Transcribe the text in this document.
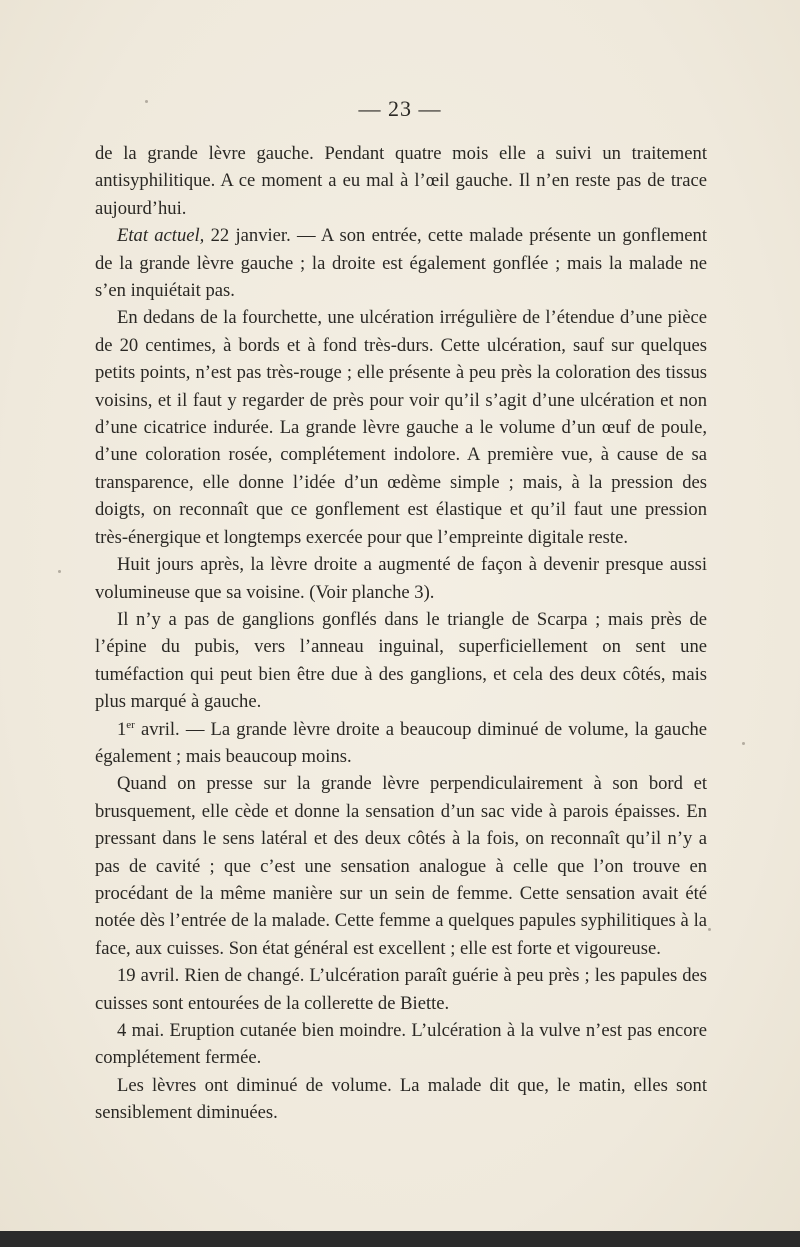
— 23 —

de la grande lèvre gauche. Pendant quatre mois elle a suivi un traitement antisyphilitique. A ce moment a eu mal à l’œil gauche. Il n’en reste pas de trace aujourd’hui.

Etat actuel, 22 janvier. — A son entrée, cette malade présente un gonflement de la grande lèvre gauche ; la droite est également gonflée ; mais la malade ne s’en inquiétait pas.

En dedans de la fourchette, une ulcération irrégulière de l’étendue d’une pièce de 20 centimes, à bords et à fond très-durs. Cette ulcération, sauf sur quelques petits points, n’est pas très-rouge ; elle présente à peu près la coloration des tissus voisins, et il faut y regarder de près pour voir qu’il s’agit d’une ulcération et non d’une cicatrice indurée. La grande lèvre gauche a le volume d’un œuf de poule, d’une coloration rosée, complétement indolore. A première vue, à cause de sa transparence, elle donne l’idée d’un œdème simple ; mais, à la pression des doigts, on reconnaît que ce gonflement est élastique et qu’il faut une pression très-énergique et longtemps exercée pour que l’empreinte digitale reste.

Huit jours après, la lèvre droite a augmenté de façon à devenir presque aussi volumineuse que sa voisine. (Voir planche 3).

Il n’y a pas de ganglions gonflés dans le triangle de Scarpa ; mais près de l’épine du pubis, vers l’anneau inguinal, superficiellement on sent une tuméfaction qui peut bien être due à des ganglions, et cela des deux côtés, mais plus marqué à gauche.

1er avril. — La grande lèvre droite a beaucoup diminué de volume, la gauche également ; mais beaucoup moins.

Quand on presse sur la grande lèvre perpendiculairement à son bord et brusquement, elle cède et donne la sensation d’un sac vide à parois épaisses. En pressant dans le sens latéral et des deux côtés à la fois, on reconnaît qu’il n’y a pas de cavité ; que c’est une sensation analogue à celle que l’on trouve en procédant de la même manière sur un sein de femme. Cette sensation avait été notée dès l’entrée de la malade. Cette femme a quelques papules syphilitiques à la face, aux cuisses. Son état général est excellent ; elle est forte et vigoureuse.

19 avril. Rien de changé. L’ulcération paraît guérie à peu près ; les papules des cuisses sont entourées de la collerette de Biette.

4 mai. Eruption cutanée bien moindre. L’ulcération à la vulve n’est pas encore complétement fermée.

Les lèvres ont diminué de volume. La malade dit que, le matin, elles sont sensiblement diminuées.
